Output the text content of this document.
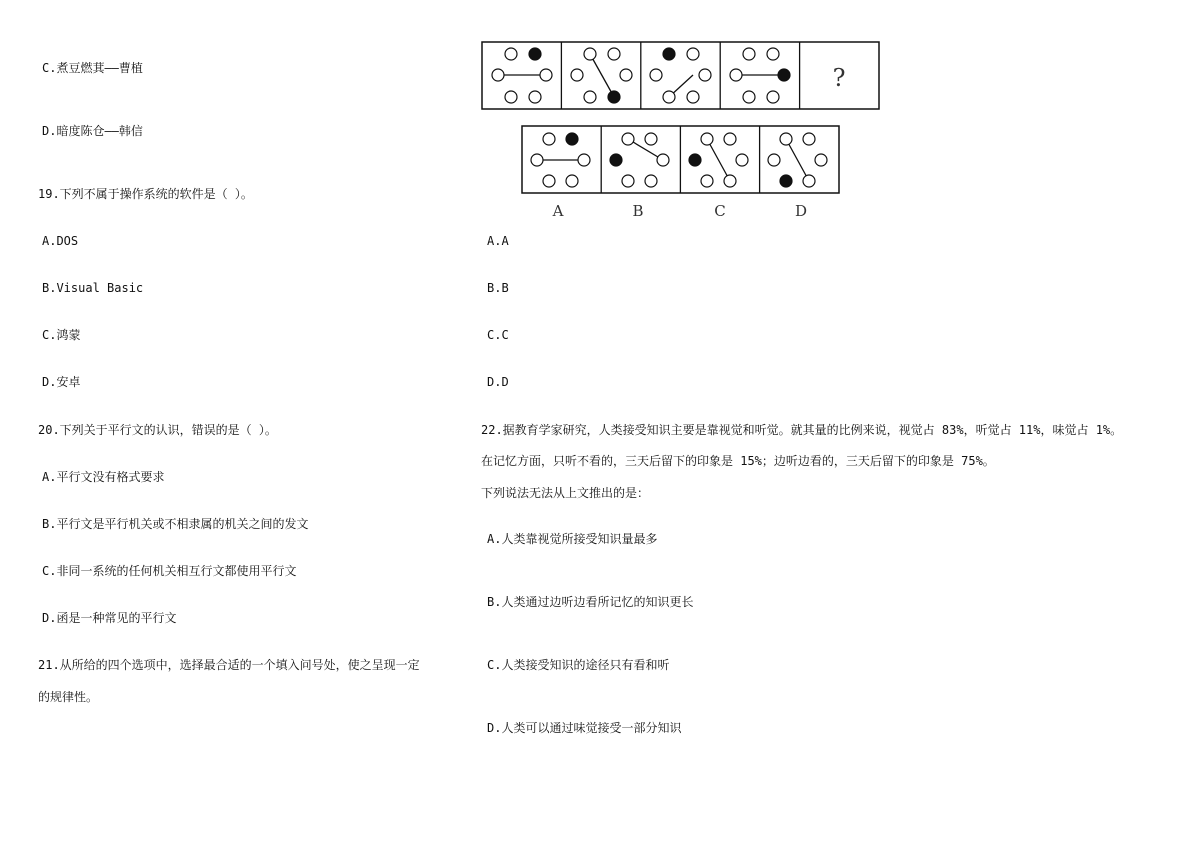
C.煮豆燃萁——曹植
D.暗度陈仓——韩信
19.下列不属于操作系统的软件是（ ）。
A.DOS
B.Visual Basic
C.鸿蒙
D.安卓
20.下列关于平行文的认识，错误的是（ ）。
A.平行文没有格式要求
B.平行文是平行机关或不相隶属的机关之间的发文
C.非同一系统的任何机关相互行文都使用平行文
D.函是一种常见的平行文
21.从所给的四个选项中，选择最合适的一个填入问号处，使之呈现一定
的规律性。
?
A	B	C	D
A.A
B.B
C.C
D.D
22.据教育学家研究，人类接受知识主要是靠视觉和听觉。就其量的比例来说，视觉占 83%，听觉占 11%，味觉占 1%。
在记忆方面，只听不看的，三天后留下的印象是 15%；边听边看的，三天后留下的印象是 75%。
下列说法无法从上文推出的是：
A.人类靠视觉所接受知识量最多
B.人类通过边听边看所记忆的知识更长
C.人类接受知识的途径只有看和听
D.人类可以通过味觉接受一部分知识
